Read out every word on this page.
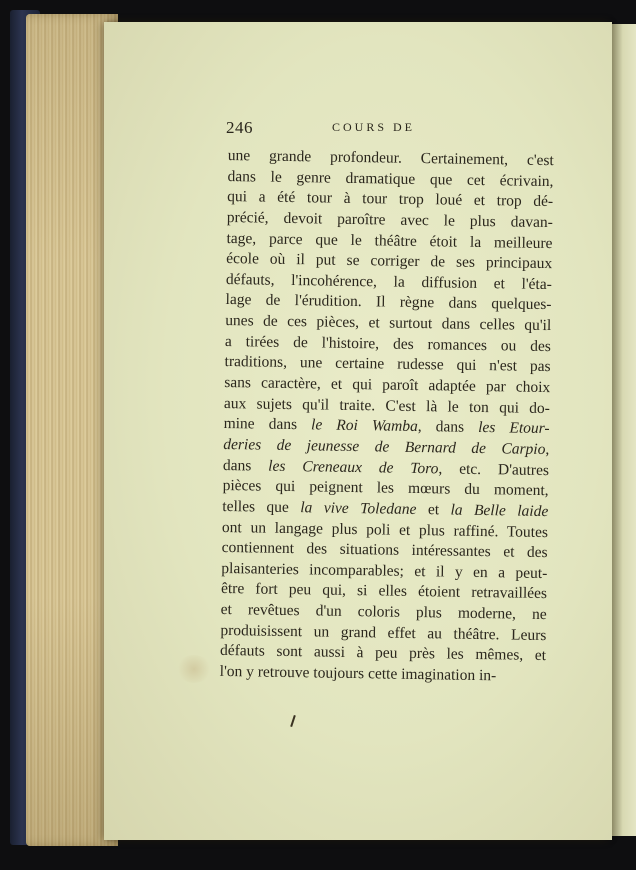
246	COURS DE
une grande profondeur. Certainement, c'est
dans le genre dramatique que cet écrivain,
qui a été tour à tour trop loué et trop dé-
précié, devoit paroître avec le plus davan-
tage, parce que le théâtre étoit la meilleure
école où il put se corriger de ses principaux
défauts, l'incohérence, la diffusion et l'éta-
lage de l'érudition. Il règne dans quelques-
unes de ces pièces, et surtout dans celles qu'il
a tirées de l'histoire, des romances ou des
traditions, une certaine rudesse qui n'est pas
sans caractère, et qui paroît adaptée par choix
aux sujets qu'il traite. C'est là le ton qui do-
mine dans le Roi Wamba, dans les Etour-
deries de jeunesse de Bernard de Carpio,
dans les Creneaux de Toro, etc. D'autres
pièces qui peignent les mœurs du moment,
telles que la vive Toledane et la Belle laide
ont un langage plus poli et plus raffiné. Toutes
contiennent des situations intéressantes et des
plaisanteries incomparables; et il y en a peut-
être fort peu qui, si elles étoient retravaillées
et revêtues d'un coloris plus moderne, ne
produisissent un grand effet au théâtre. Leurs
défauts sont aussi à peu près les mêmes, et
l'on y retrouve toujours cette imagination in-
